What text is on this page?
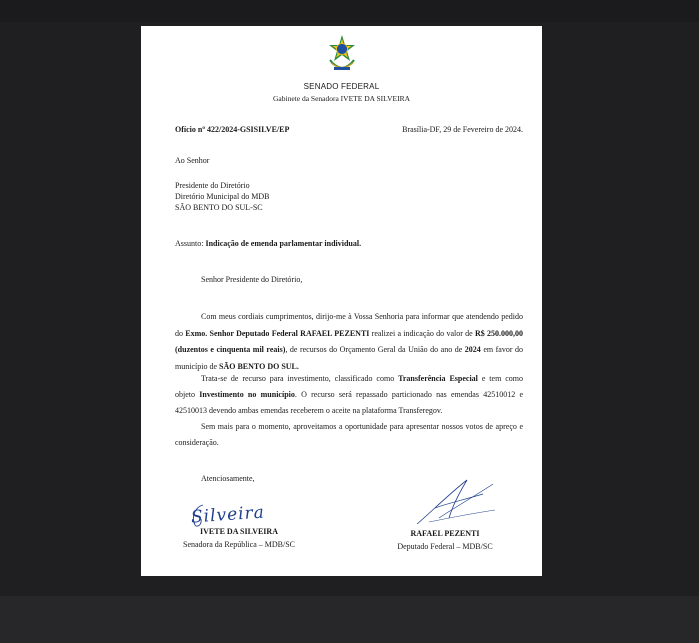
SENADO FEDERAL
Gabinete da Senadora IVETE DA SILVEIRA
Ofício nº 422/2024-GSISILVE/EP	Brasília-DF, 29 de Fevereiro de 2024.
Ao Senhor
Presidente do Diretório
Diretório Municipal do MDB
SÃO BENTO DO SUL-SC
Assunto: Indicação de emenda parlamentar individual.
Senhor Presidente do Diretório,
Com meus cordiais cumprimentos, dirijo-me à Vossa Senhoria para informar que atendendo pedido do Exmo. Senhor Deputado Federal RAFAEL PEZENTI realizei a indicação do valor de R$ 250.000,00 (duzentos e cinquenta mil reais), de recursos do Orçamento Geral da União do ano de 2024 em favor do município de SÃO BENTO DO SUL.
Trata-se de recurso para investimento, classificado como Transferência Especial e tem como objeto Investimento no município. O recurso será repassado particionado nas emendas 42510012 e 42510013 devendo ambas emendas receberem o aceite na plataforma Transferegov.
Sem mais para o momento, aproveitamos a oportunidade para apresentar nossos votos de apreço e consideração.
Atenciosamente,
Silveira
IVETE DA SILVEIRA
Senadora da República – MDB/SC
RAFAEL PEZENTI
Deputado Federal – MDB/SC
